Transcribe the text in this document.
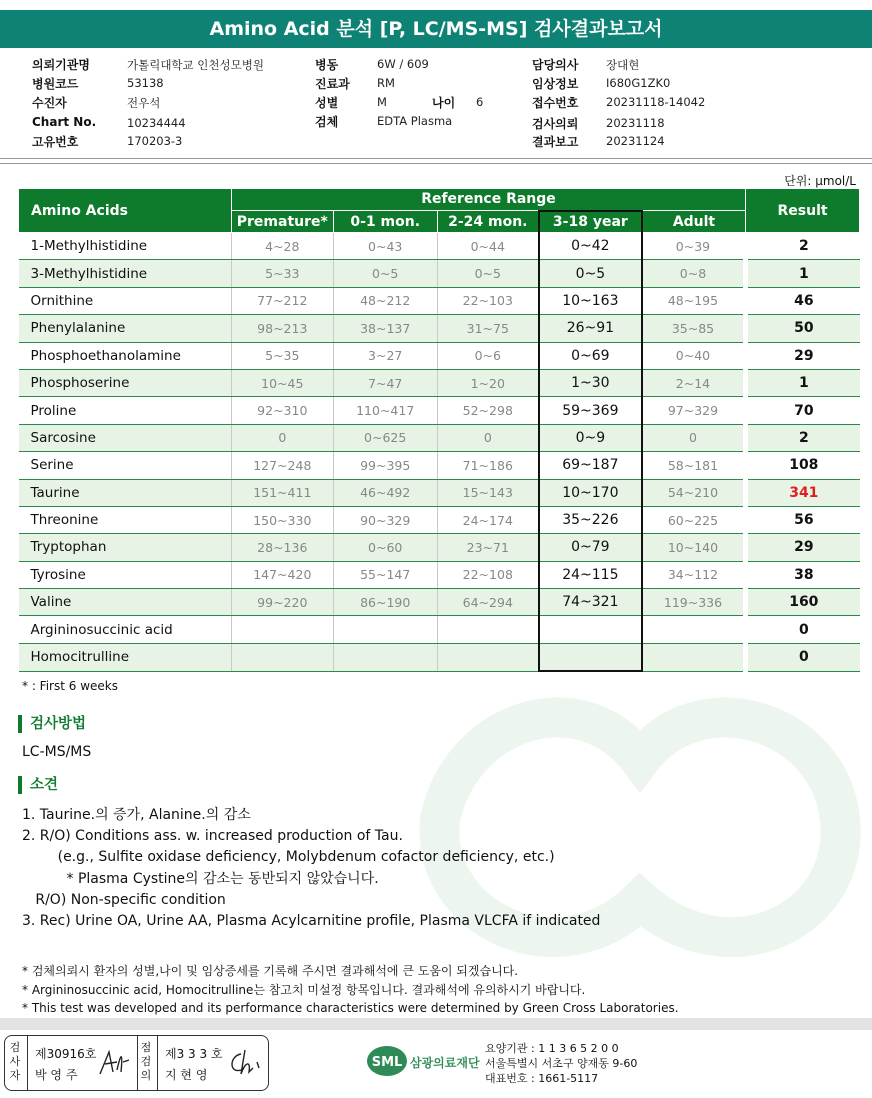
Amino Acid 분석 [P, LC/MS-MS] 검사결과보고서
의뢰기관명	가톨릭대학교 인천성모병원
병원코드	53138
수진자	전우석
Chart No.	10234444
고유번호	170203-3
병동	6W / 609
진료과 RM
성별	M	나이 6
검체	EDTA Plasma
담당의사 장대현
임상정보 I680G1ZK0
접수번호 20231118-14042
검사의뢰 20231118
결과보고 20231124
단위: µmol/L
Amino Acids	Reference Range					Result
	Premature*	0-1 mon.	2-24 mon.	3-18 year	Adult	
1-Methylhistidine	4~28	0~43	0~44	0~42	0~39	2
3-Methylhistidine	5~33	0~5	0~5	0~5	0~8	1
Ornithine	77~212	48~212	22~103	10~163	48~195	46
Phenylalanine	98~213	38~137	31~75	26~91	35~85	50
Phosphoethanolamine	5~35	3~27	0~6	0~69	0~40	29
Phosphoserine	10~45	7~47	1~20	1~30	2~14	1
Proline	92~310	110~417	52~298	59~369	97~329	70
Sarcosine	0	0~625	0	0~9	0	2
Serine	127~248	99~395	71~186	69~187	58~181	108
Taurine	151~411	46~492	15~143	10~170	54~210	341
Threonine	150~330	90~329	24~174	35~226	60~225	56
Tryptophan	28~136	0~60	23~71	0~79	10~140	29
Tyrosine	147~420	55~147	22~108	24~115	34~112	38
Valine	99~220	86~190	64~294	74~321	119~336	160
Argininosuccinic acid						0
Homocitrulline						0
* : First 6 weeks
검사방법
LC-MS/MS
소견
1. Taurine.의 증가, Alanine.의 감소
2. R/O) Conditions ass. w. increased production of Tau.
(e.g., Sulfite oxidase deficiency, Molybdenum cofactor deficiency, etc.)
* Plasma Cystine의 감소는 동반되지 않았습니다.
R/O) Non-specific condition
3. Rec) Urine OA, Urine AA, Plasma Acylcarnitine profile, Plasma VLCFA if indicated
* 검체의뢰시 환자의 성별,나이 및 임상증세를 기록해 주시면 결과해석에 큰 도움이 되겠습니다.
* Argininosuccinic acid, Homocitrulline는 참고치 미설정 항목입니다. 결과해석에 유의하시기 바랍니다.
* This test was developed and its performance characteristics were determined by Green Cross Laboratories.
검
사
자
제30916호
박 영 주
점
검
의
제3 3 3 호
지 현 영
SML 삼광의료재단
요양기관 : 1 1 3 6 5 2 0 0
서울특별시 서초구 양재동 9-60
대표번호 : 1661-5117
